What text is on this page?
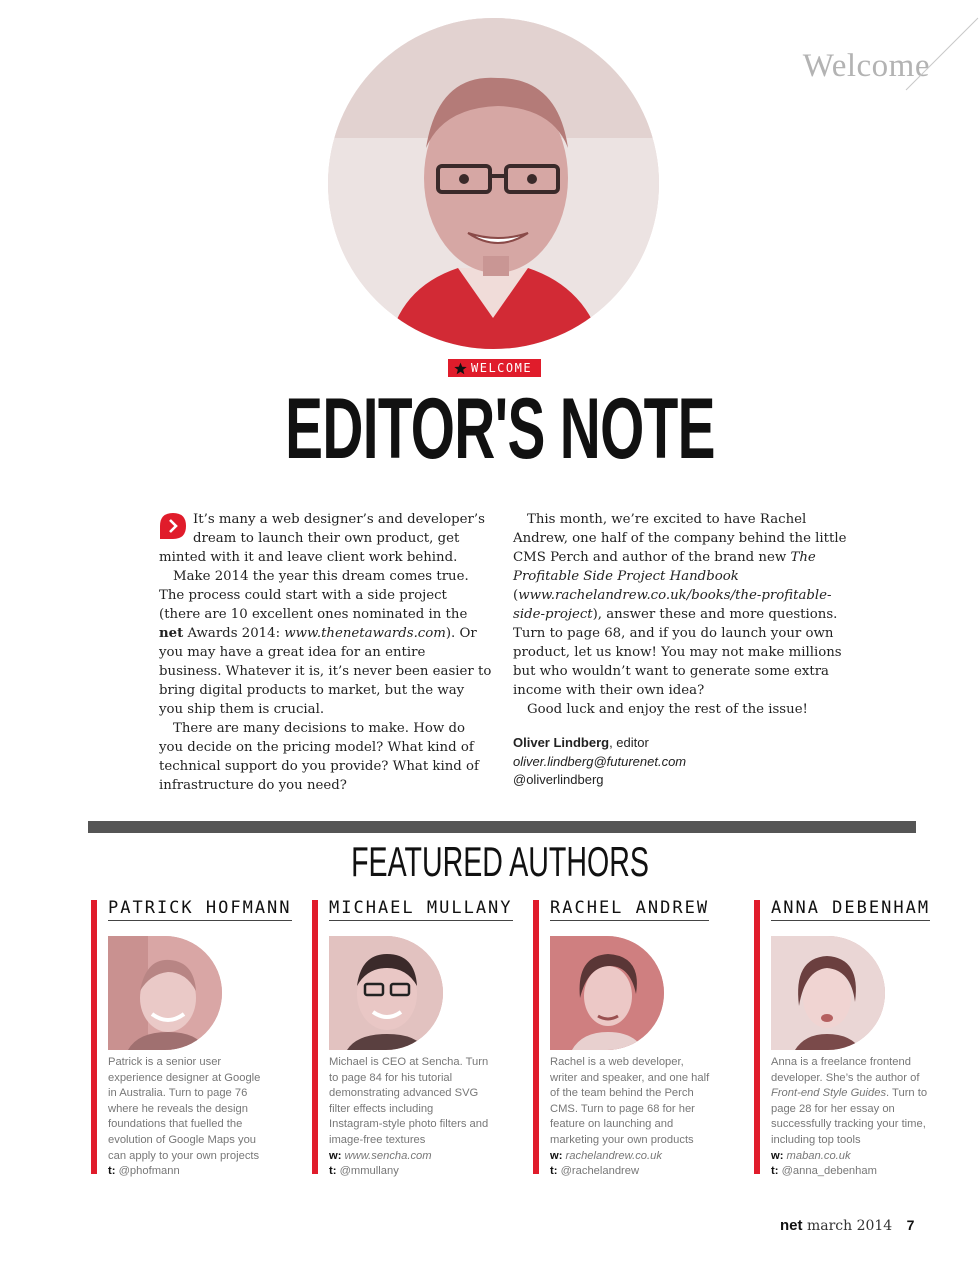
Welcome
WELCOME
EDITOR'S NOTE

It’s many a web designer’s and developer’s dream to launch their own product, get minted with it and leave client work behind.

Make 2014 the year this dream comes true. The process could start with a side project (there are 10 excellent ones nominated in the net Awards 2014: www.thenetawards.com). Or you may have a great idea for an entire business. Whatever it is, it’s never been easier to bring digital products to market, but the way you ship them is crucial.

There are many decisions to make. How do you decide on the pricing model? What kind of technical support do you provide? What kind of infrastructure do you need?

This month, we’re excited to have Rachel Andrew, one half of the company behind the little CMS Perch and author of the brand new The Profitable Side Project Handbook (www.rachelandrew.co.uk/books/the-profitable-side-project), answer these and more questions. Turn to page 68, and if you do launch your own product, let us know! You may not make millions but who wouldn’t want to generate some extra income with their own idea?

Good luck and enjoy the rest of the issue!

Oliver Lindberg, editor
oliver.lindberg@futurenet.com
@oliverlindberg
FEATURED AUTHORS
PATRICK HOFMANN
Patrick is a senior user experience designer at Google in Australia. Turn to page 76 where he reveals the design foundations that fuelled the evolution of Google Maps you can apply to your own projects
t: @phofmann
MICHAEL MULLANY
Michael is CEO at Sencha. Turn to page 84 for his tutorial demonstrating advanced SVG filter effects including Instagram-style photo filters and image-free textures
w: www.sencha.com
t: @mmullany
RACHEL ANDREW
Rachel is a web developer, writer and speaker, and one half of the team behind the Perch CMS. Turn to page 68 for her feature on launching and marketing your own products
w: rachelandrew.co.uk
t: @rachelandrew
ANNA DEBENHAM
Anna is a freelance frontend developer. She’s the author of Front-end Style Guides. Turn to page 28 for her essay on successfully tracking your time, including top tools
w: maban.co.uk
t: @anna_debenham
net march 2014 7
